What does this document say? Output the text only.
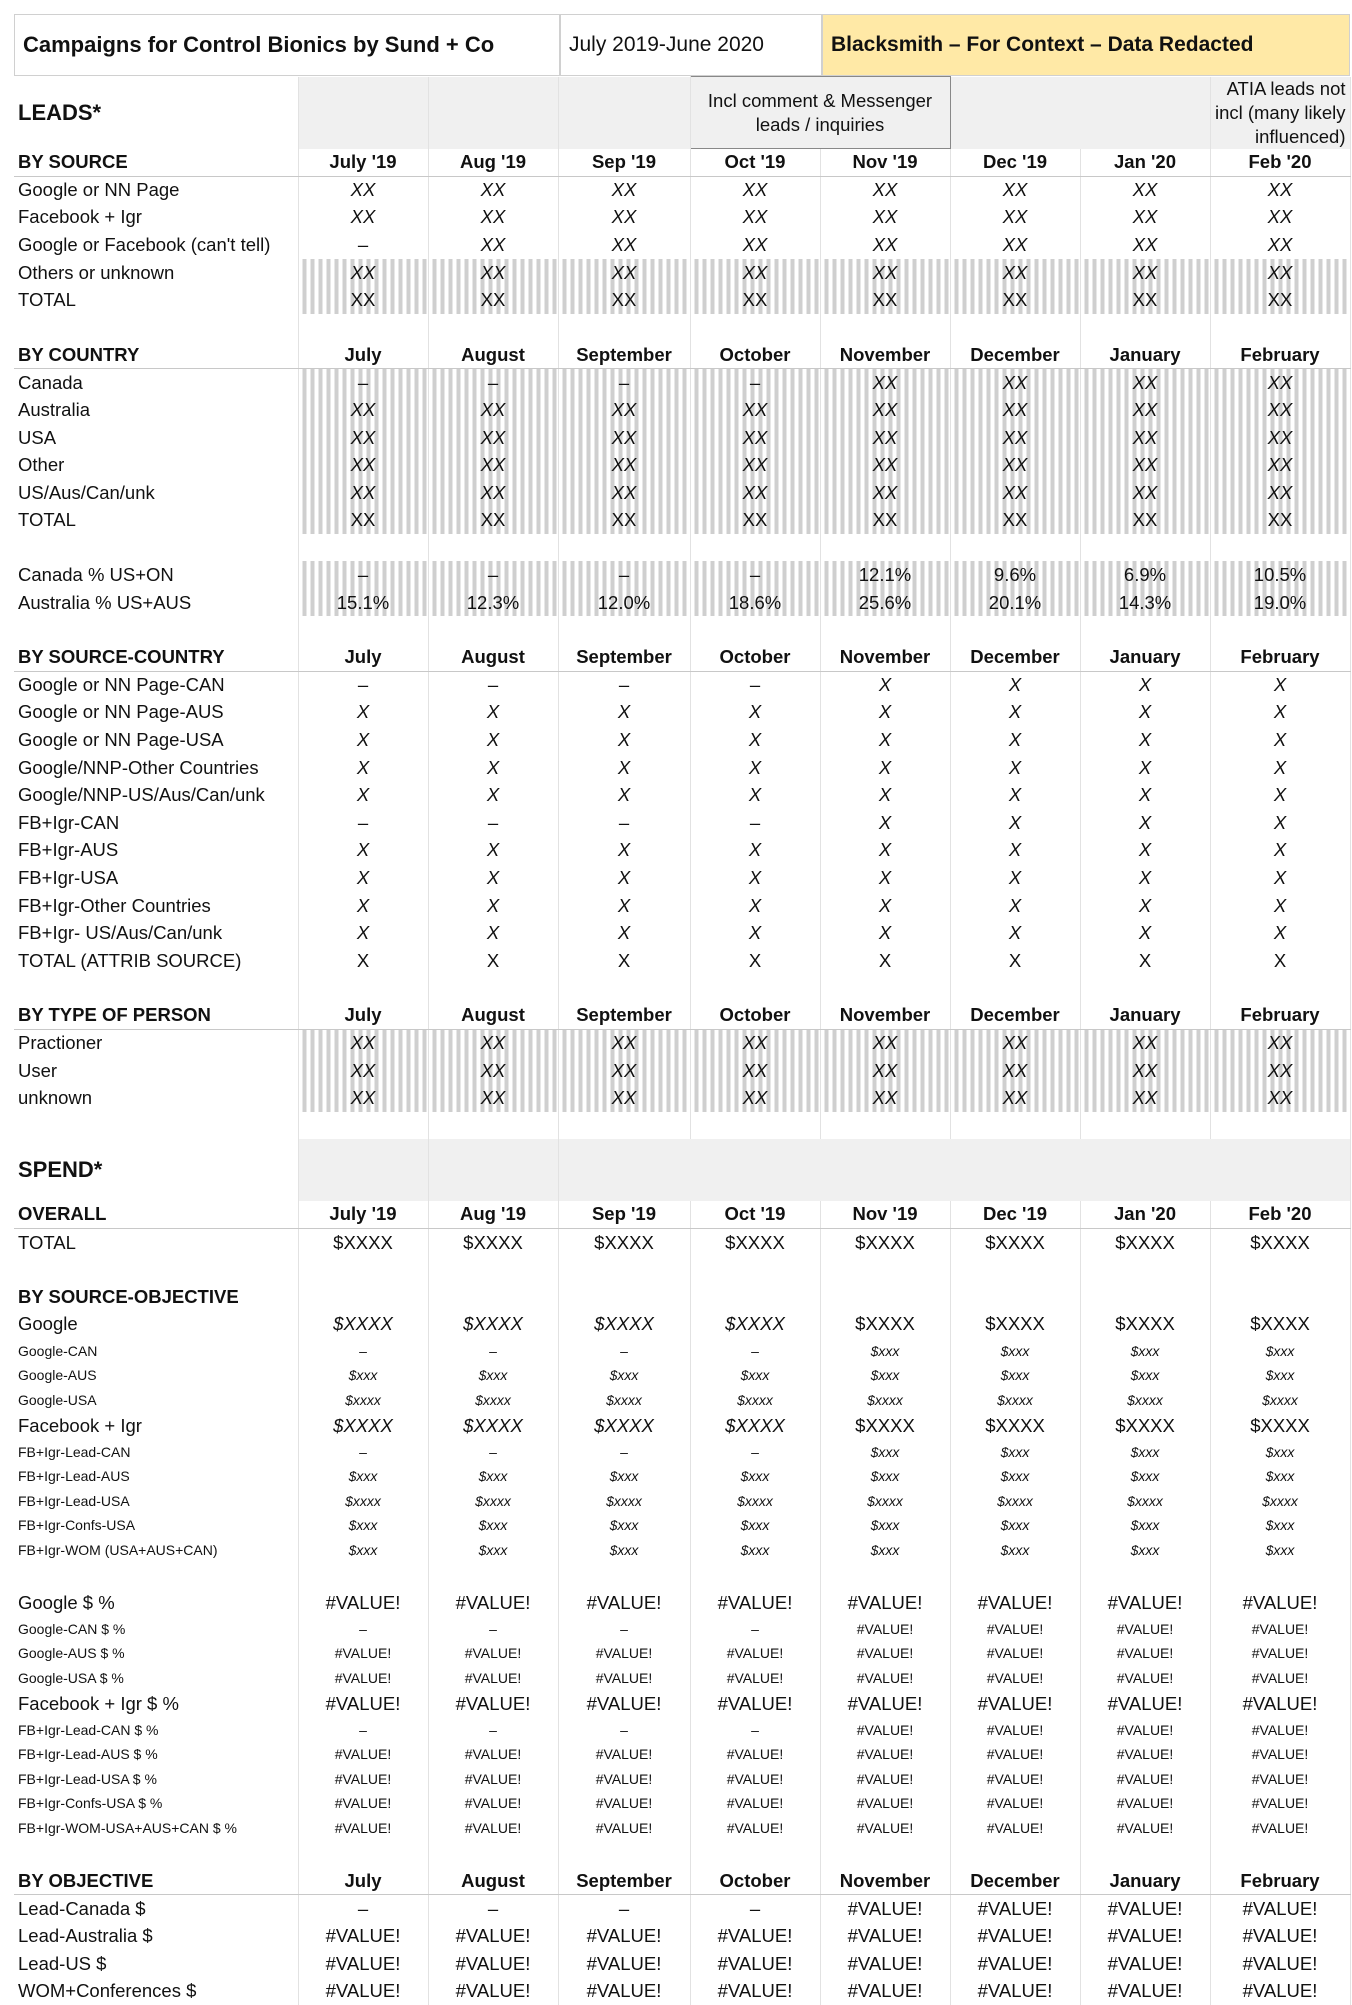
Campaigns for Control Bionics by Sund + Co	July 2019-June 2020	Blacksmith – For Context – Data Redacted
LEADS*				Incl comment & Messenger leads / inquiries				ATIA leads not incl (many likely influenced)	
BY SOURCE	July '19	Aug '19	Sep '19	Oct '19	Nov '19	Dec '19	Jan '20	Feb '20	
Google or NN Page	XX	XX	XX	XX	XX	XX	XX	XX	
Facebook + Igr	XX	XX	XX	XX	XX	XX	XX	XX	
Google or Facebook (can't tell)	–	XX	XX	XX	XX	XX	XX	XX	
Others or unknown	XX	XX	XX	XX	XX	XX	XX	XX	
TOTAL	XX	XX	XX	XX	XX	XX	XX	XX	

BY COUNTRY	July	August	September	October	November	December	January	February	
Canada	–	–	–	–	XX	XX	XX	XX	
Australia	XX	XX	XX	XX	XX	XX	XX	XX	
USA	XX	XX	XX	XX	XX	XX	XX	XX	
Other	XX	XX	XX	XX	XX	XX	XX	XX	
US/Aus/Can/unk	XX	XX	XX	XX	XX	XX	XX	XX	
TOTAL	XX	XX	XX	XX	XX	XX	XX	XX	

Canada % US+ON	–	–	–	–	12.1%	9.6%	6.9%	10.5%	
Australia % US+AUS	15.1%	12.3%	12.0%	18.6%	25.6%	20.1%	14.3%	19.0%	

BY SOURCE-COUNTRY	July	August	September	October	November	December	January	February	
Google or NN Page-CAN	–	–	–	–	X	X	X	X	
Google or NN Page-AUS	X	X	X	X	X	X	X	X	
Google or NN Page-USA	X	X	X	X	X	X	X	X	
Google/NNP-Other Countries	X	X	X	X	X	X	X	X	
Google/NNP-US/Aus/Can/unk	X	X	X	X	X	X	X	X	
FB+Igr-CAN	–	–	–	–	X	X	X	X	
FB+Igr-AUS	X	X	X	X	X	X	X	X	
FB+Igr-USA	X	X	X	X	X	X	X	X	
FB+Igr-Other Countries	X	X	X	X	X	X	X	X	
FB+Igr- US/Aus/Can/unk	X	X	X	X	X	X	X	X	
TOTAL (ATTRIB SOURCE)	X	X	X	X	X	X	X	X	

BY TYPE OF PERSON	July	August	September	October	November	December	January	February	
Practioner	XX	XX	XX	XX	XX	XX	XX	XX	
User	XX	XX	XX	XX	XX	XX	XX	XX	
unknown	XX	XX	XX	XX	XX	XX	XX	XX	

SPEND*									
OVERALL	July '19	Aug '19	Sep '19	Oct '19	Nov '19	Dec '19	Jan '20	Feb '20	
TOTAL	$XXXX	$XXXX	$XXXX	$XXXX	$XXXX	$XXXX	$XXXX	$XXXX	

BY SOURCE-OBJECTIVE									
Google	$XXXX	$XXXX	$XXXX	$XXXX	$XXXX	$XXXX	$XXXX	$XXXX	
Google-CAN	–	–	–	–	$xxx	$xxx	$xxx	$xxx	
Google-AUS	$xxx	$xxx	$xxx	$xxx	$xxx	$xxx	$xxx	$xxx	
Google-USA	$xxxx	$xxxx	$xxxx	$xxxx	$xxxx	$xxxx	$xxxx	$xxxx	
Facebook + Igr	$XXXX	$XXXX	$XXXX	$XXXX	$XXXX	$XXXX	$XXXX	$XXXX	
FB+Igr-Lead-CAN	–	–	–	–	$xxx	$xxx	$xxx	$xxx	
FB+Igr-Lead-AUS	$xxx	$xxx	$xxx	$xxx	$xxx	$xxx	$xxx	$xxx	
FB+Igr-Lead-USA	$xxxx	$xxxx	$xxxx	$xxxx	$xxxx	$xxxx	$xxxx	$xxxx	
FB+Igr-Confs-USA	$xxx	$xxx	$xxx	$xxx	$xxx	$xxx	$xxx	$xxx	
FB+Igr-WOM (USA+AUS+CAN)	$xxx	$xxx	$xxx	$xxx	$xxx	$xxx	$xxx	$xxx	

Google $ %	#VALUE!	#VALUE!	#VALUE!	#VALUE!	#VALUE!	#VALUE!	#VALUE!	#VALUE!	
Google-CAN $ %	–	–	–	–	#VALUE!	#VALUE!	#VALUE!	#VALUE!	
Google-AUS $ %	#VALUE!	#VALUE!	#VALUE!	#VALUE!	#VALUE!	#VALUE!	#VALUE!	#VALUE!	
Google-USA $ %	#VALUE!	#VALUE!	#VALUE!	#VALUE!	#VALUE!	#VALUE!	#VALUE!	#VALUE!	
Facebook + Igr $ %	#VALUE!	#VALUE!	#VALUE!	#VALUE!	#VALUE!	#VALUE!	#VALUE!	#VALUE!	
FB+Igr-Lead-CAN $ %	–	–	–	–	#VALUE!	#VALUE!	#VALUE!	#VALUE!	
FB+Igr-Lead-AUS $ %	#VALUE!	#VALUE!	#VALUE!	#VALUE!	#VALUE!	#VALUE!	#VALUE!	#VALUE!	
FB+Igr-Lead-USA $ %	#VALUE!	#VALUE!	#VALUE!	#VALUE!	#VALUE!	#VALUE!	#VALUE!	#VALUE!	
FB+Igr-Confs-USA $ %	#VALUE!	#VALUE!	#VALUE!	#VALUE!	#VALUE!	#VALUE!	#VALUE!	#VALUE!	
FB+Igr-WOM-USA+AUS+CAN $ %	#VALUE!	#VALUE!	#VALUE!	#VALUE!	#VALUE!	#VALUE!	#VALUE!	#VALUE!	

BY OBJECTIVE	July	August	September	October	November	December	January	February	
Lead-Canada $	–	–	–	–	#VALUE!	#VALUE!	#VALUE!	#VALUE!	
Lead-Australia $	#VALUE!	#VALUE!	#VALUE!	#VALUE!	#VALUE!	#VALUE!	#VALUE!	#VALUE!	
Lead-US $	#VALUE!	#VALUE!	#VALUE!	#VALUE!	#VALUE!	#VALUE!	#VALUE!	#VALUE!	
WOM+Conferences $	#VALUE!	#VALUE!	#VALUE!	#VALUE!	#VALUE!	#VALUE!	#VALUE!	#VALUE!	
